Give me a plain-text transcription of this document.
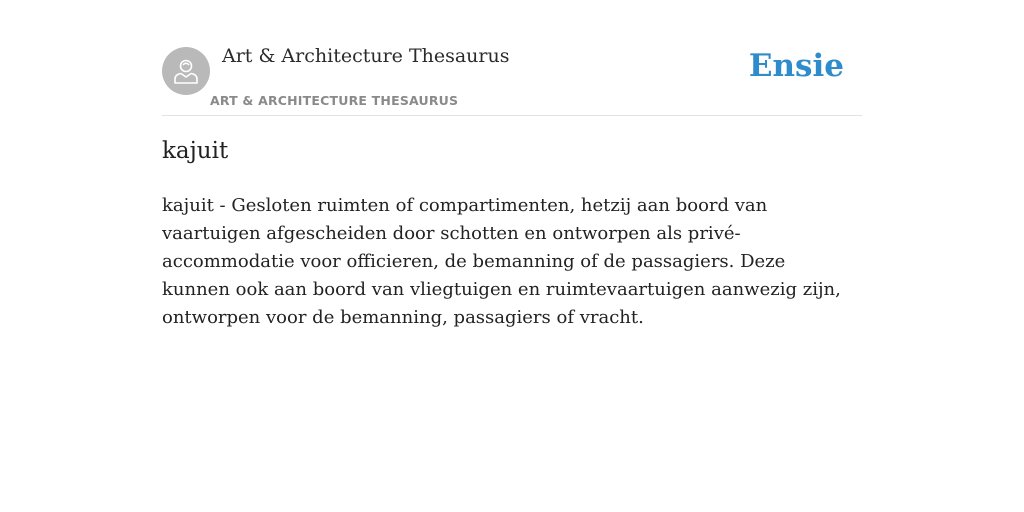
Art & Architecture Thesaurus
ART & ARCHITECTURE THESAURUS
Ensie
kajuit

kajuit - Gesloten ruimten of compartimenten, hetzij aan boord van vaartuigen afgescheiden door schotten en ontworpen als privé-accommodatie voor officieren, de bemanning of de passagiers. Deze kunnen ook aan boord van vliegtuigen en ruimtevaartuigen aanwezig zijn, ontworpen voor de bemanning, passagiers of vracht.
